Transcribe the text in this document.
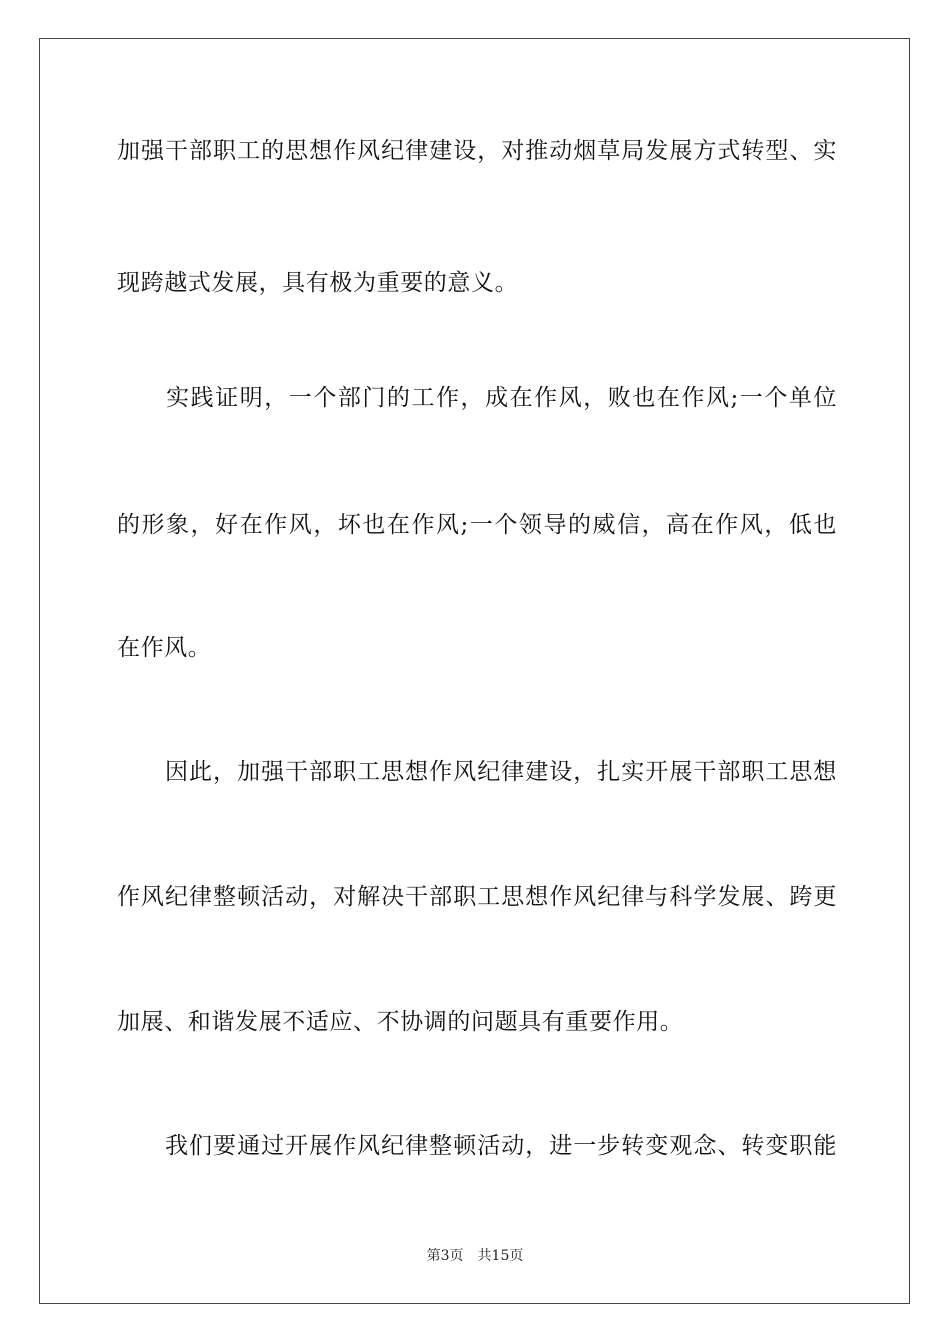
加强干部职工的思想作风纪律建设，对推动烟草局发展方式转型、实
现跨越式发展，具有极为重要的意义。
　　实践证明，一个部门的工作，成在作风，败也在作风;一个单位
的形象，好在作风，坏也在作风;一个领导的威信，高在作风，低也
在作风。
　　因此，加强干部职工思想作风纪律建设，扎实开展干部职工思想
作风纪律整顿活动，对解决干部职工思想作风纪律与科学发展、跨更
加展、和谐发展不适应、不协调的问题具有重要作用。
　　我们要通过开展作风纪律整顿活动，进一步转变观念、转变职能
第3页 共15页
